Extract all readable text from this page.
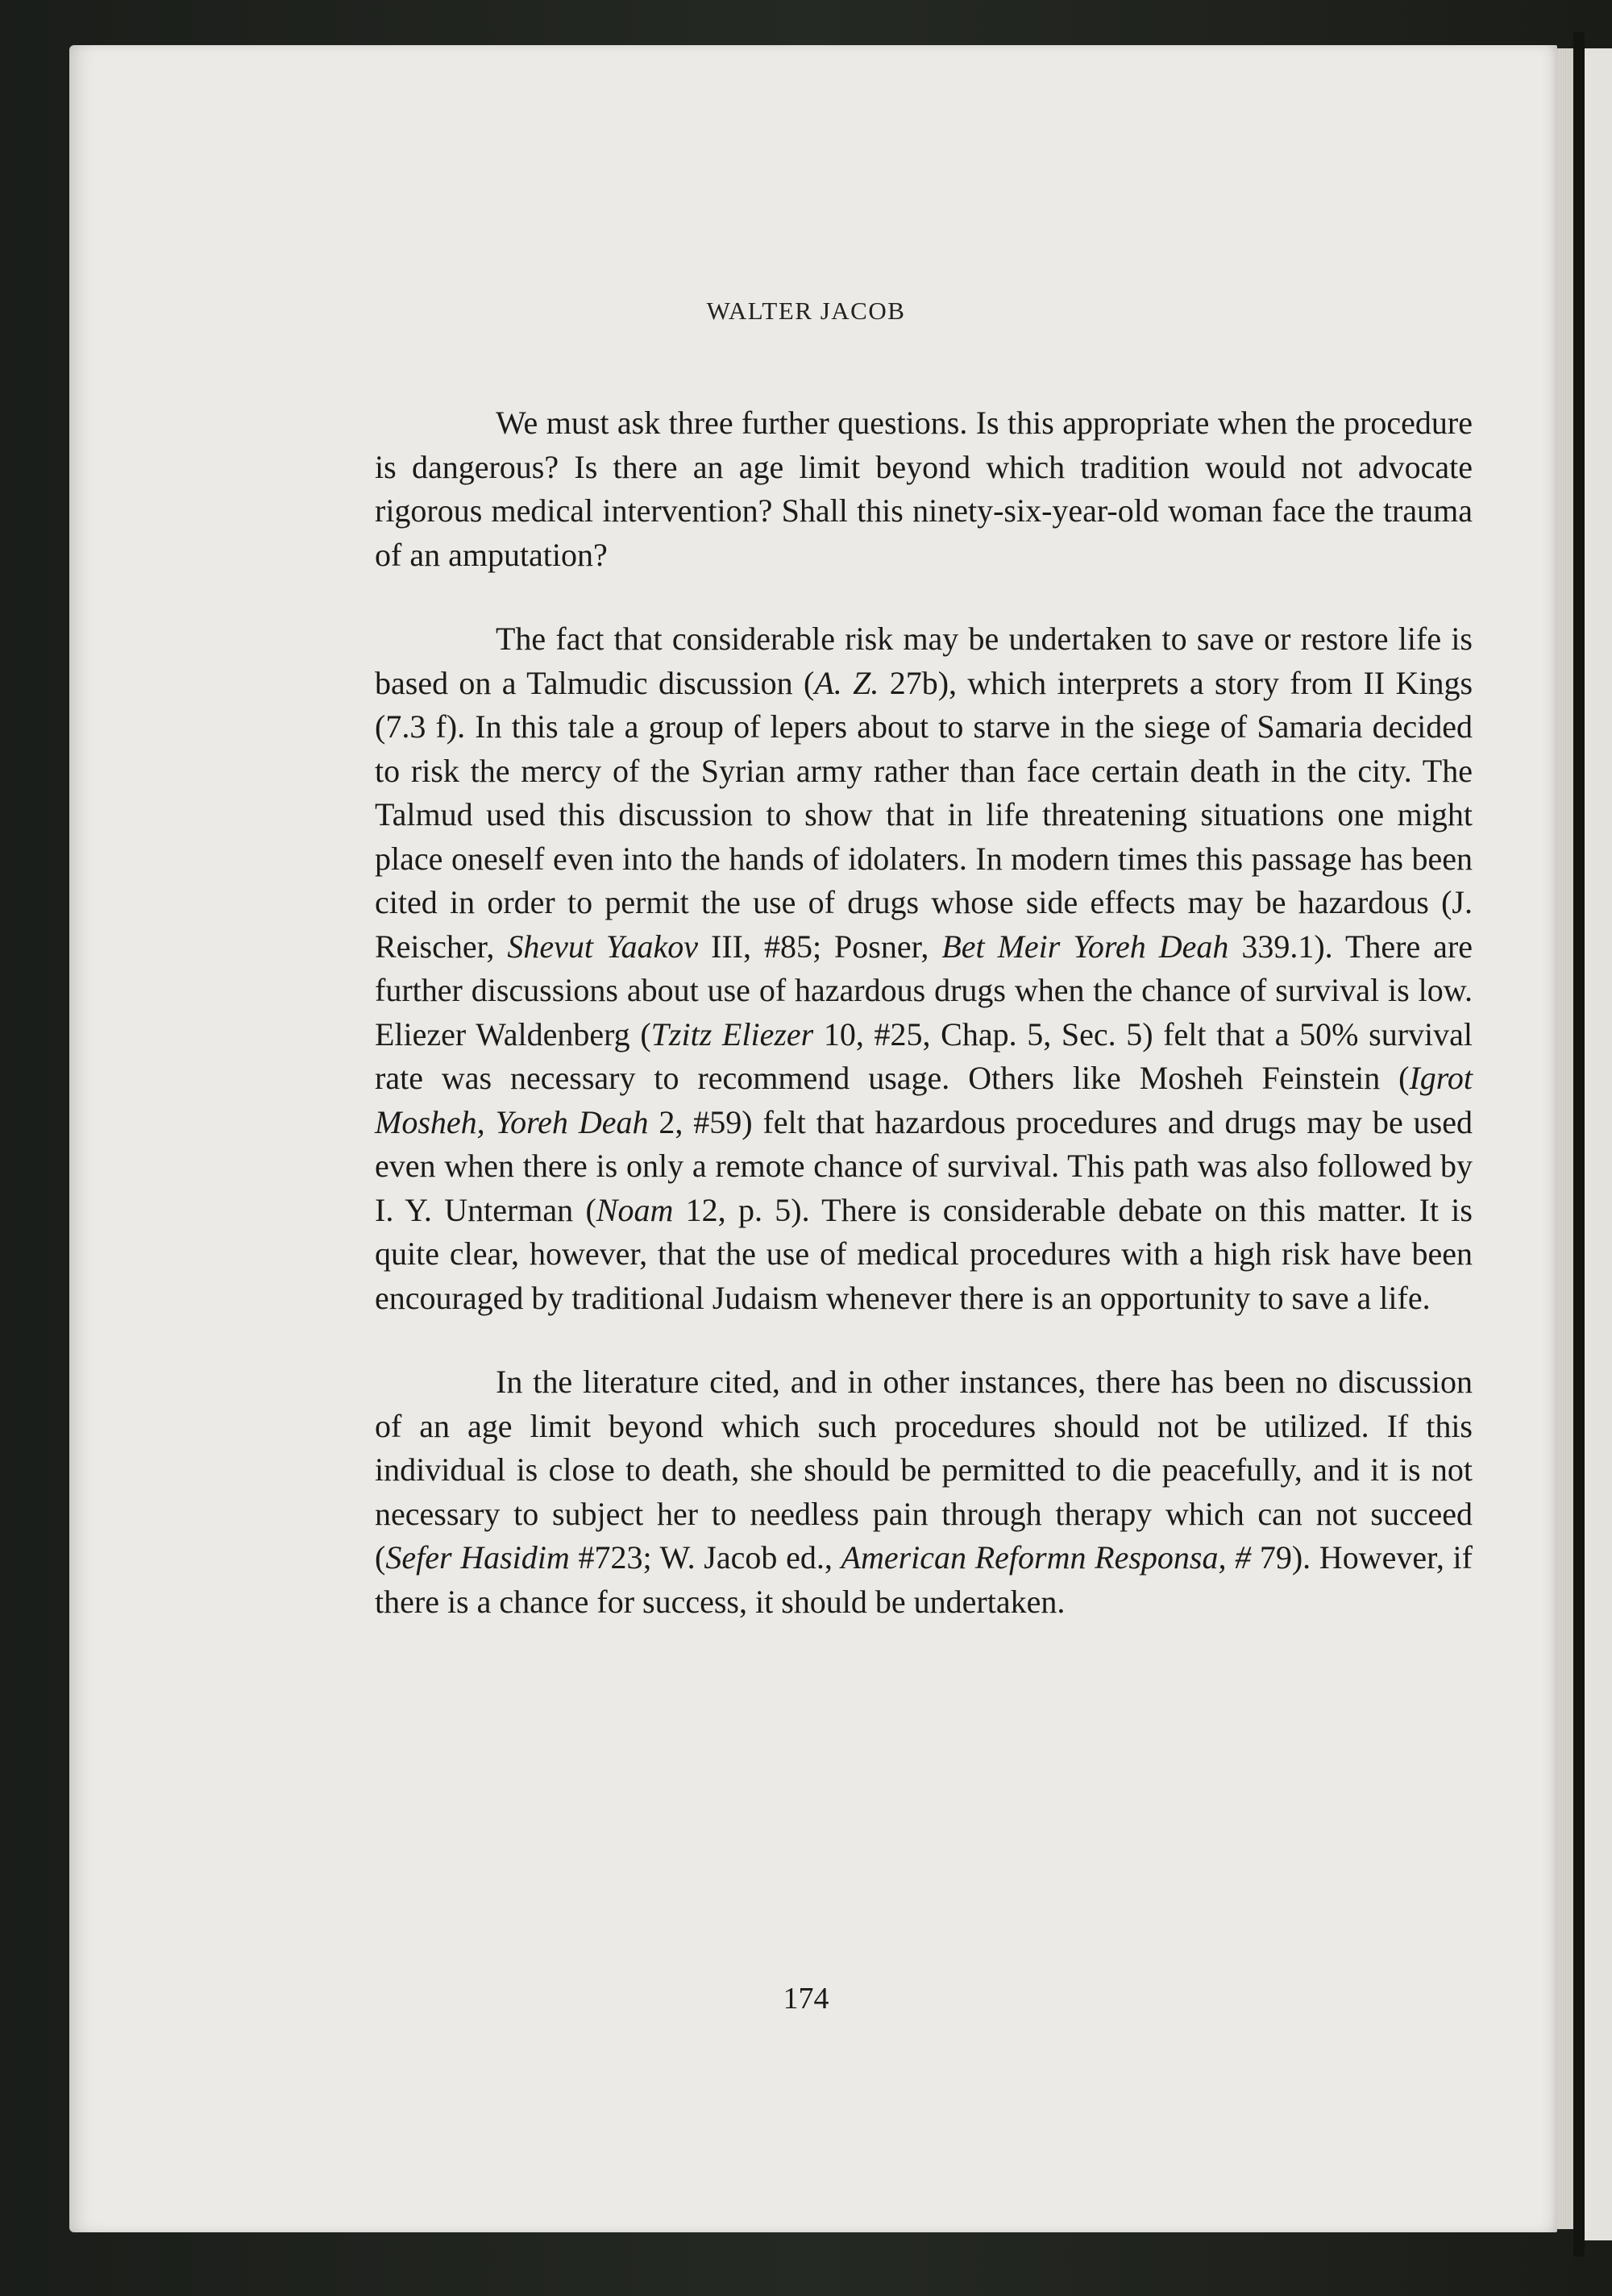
WALTER JACOB

We must ask three further questions. Is this appropriate when the procedure is dangerous? Is there an age limit beyond which tradition would not advocate rigorous medical intervention? Shall this ninety-six-year-old woman face the trauma of an amputation?

The fact that considerable risk may be undertaken to save or restore life is based on a Talmudic discussion (A. Z. 27b), which interprets a story from II Kings (7.3 f). In this tale a group of lepers about to starve in the siege of Samaria decided to risk the mercy of the Syrian army rather than face certain death in the city. The Talmud used this discussion to show that in life threatening situations one might place oneself even into the hands of idolaters. In modern times this passage has been cited in order to permit the use of drugs whose side effects may be hazardous (J. Reischer, Shevut Yaakov III, #85; Posner, Bet Meir Yoreh Deah 339.1). There are further discussions about use of hazardous drugs when the chance of survival is low. Eliezer Waldenberg (Tzitz Eliezer 10, #25, Chap. 5, Sec. 5) felt that a 50% survival rate was necessary to recommend usage. Others like Mosheh Feinstein (Igrot Mosheh, Yoreh Deah 2, #59) felt that hazardous procedures and drugs may be used even when there is only a remote chance of survival. This path was also followed by I. Y. Unterman (Noam 12, p. 5). There is considerable debate on this matter. It is quite clear, however, that the use of medical procedures with a high risk have been encouraged by traditional Judaism whenever there is an opportunity to save a life.

In the literature cited, and in other instances, there has been no discussion of an age limit beyond which such procedures should not be utilized. If this individual is close to death, she should be permitted to die peacefully, and it is not necessary to subject her to needless pain through therapy which can not succeed (Sefer Hasidim #723; W. Jacob ed., American Reformn Responsa, # 79). However, if there is a chance for success, it should be undertaken.

174
